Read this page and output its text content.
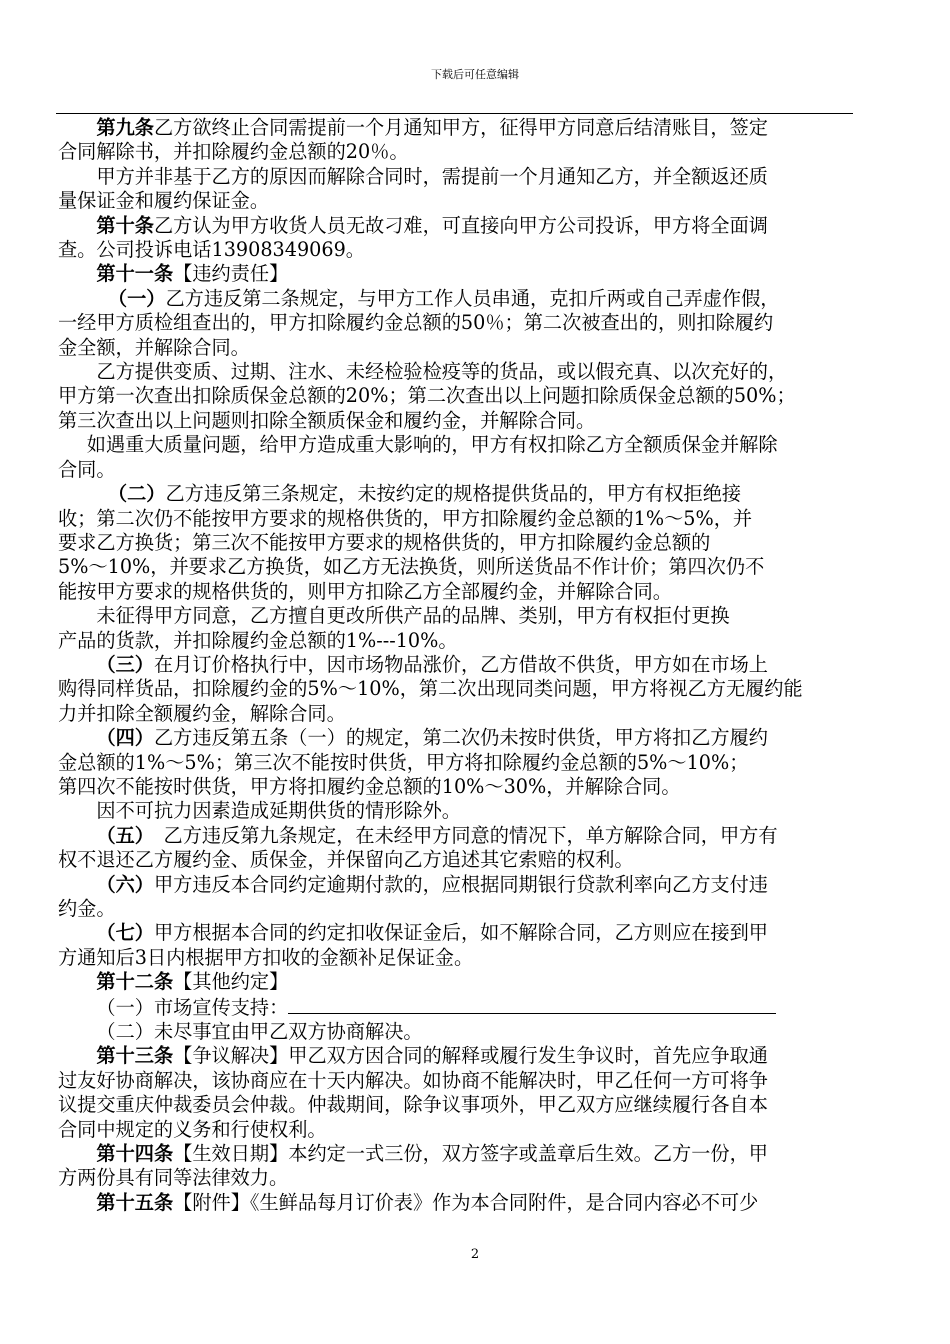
下载后可任意编辑

第九条乙方欲终止合同需提前一个月通知甲方，征得甲方同意后结清账目，签定

合同解除书，并扣除履约金总额的20％。

甲方并非基于乙方的原因而解除合同时，需提前一个月通知乙方，并全额返还质

量保证金和履约保证金。

第十条乙方认为甲方收货人员无故刁难，可直接向甲方公司投诉，甲方将全面调

查。公司投诉电话13908349069。

第十一条【违约责任】

（一）乙方违反第二条规定，与甲方工作人员串通，克扣斤两或自己弄虚作假，

一经甲方质检组查出的，甲方扣除履约金总额的50％；第二次被查出的，则扣除履约

金全额，并解除合同。

乙方提供变质、过期、注水、未经检验检疫等的货品，或以假充真、以次充好的，

甲方第一次查出扣除质保金总额的20%；第二次查出以上问题扣除质保金总额的50%；

第三次查出以上问题则扣除全额质保金和履约金，并解除合同。

如遇重大质量问题，给甲方造成重大影响的，甲方有权扣除乙方全额质保金并解除

合同。

（二）乙方违反第三条规定，未按约定的规格提供货品的，甲方有权拒绝接

收；第二次仍不能按甲方要求的规格供货的，甲方扣除履约金总额的1%～5%，并

要求乙方换货；第三次不能按甲方要求的规格供货的，甲方扣除履约金总额的

5%～10%，并要求乙方换货，如乙方无法换货，则所送货品不作计价；第四次仍不

能按甲方要求的规格供货的，则甲方扣除乙方全部履约金，并解除合同。

未征得甲方同意，乙方擅自更改所供产品的品牌、类别，甲方有权拒付更换

产品的货款，并扣除履约金总额的1%---10%。

（三）在月订价格执行中，因市场物品涨价，乙方借故不供货，甲方如在市场上

购得同样货品，扣除履约金的5%～10%，第二次出现同类问题，甲方将视乙方无履约能

力并扣除全额履约金，解除合同。

（四）乙方违反第五条（一）的规定，第二次仍未按时供货，甲方将扣乙方履约

金总额的1%～5%；第三次不能按时供货，甲方将扣除履约金总额的5%～10%；

第四次不能按时供货，甲方将扣履约金总额的10%～30%，并解除合同。

因不可抗力因素造成延期供货的情形除外。

（五）　乙方违反第九条规定，在未经甲方同意的情况下，单方解除合同，甲方有

权不退还乙方履约金、质保金，并保留向乙方追述其它索赔的权利。

（六）甲方违反本合同约定逾期付款的，应根据同期银行贷款利率向乙方支付违

约金。

（七）甲方根据本合同的约定扣收保证金后，如不解除合同，乙方则应在接到甲

方通知后3日内根据甲方扣收的金额补足保证金。

第十二条【其他约定】

（一）市场宣传支持：

（二）未尽事宜由甲乙双方协商解决。

第十三条【争议解决】甲乙双方因合同的解释或履行发生争议时，首先应争取通

过友好协商解决，该协商应在十天内解决。如协商不能解决时，甲乙任何一方可将争

议提交重庆仲裁委员会仲裁。仲裁期间，除争议事项外，甲乙双方应继续履行各自本

合同中规定的义务和行使权利。

第十四条【生效日期】本约定一式三份，双方签字或盖章后生效。乙方一份，甲

方两份具有同等法律效力。

第十五条【附件】《生鲜品每月订价表》作为本合同附件，是合同内容必不可少

2
